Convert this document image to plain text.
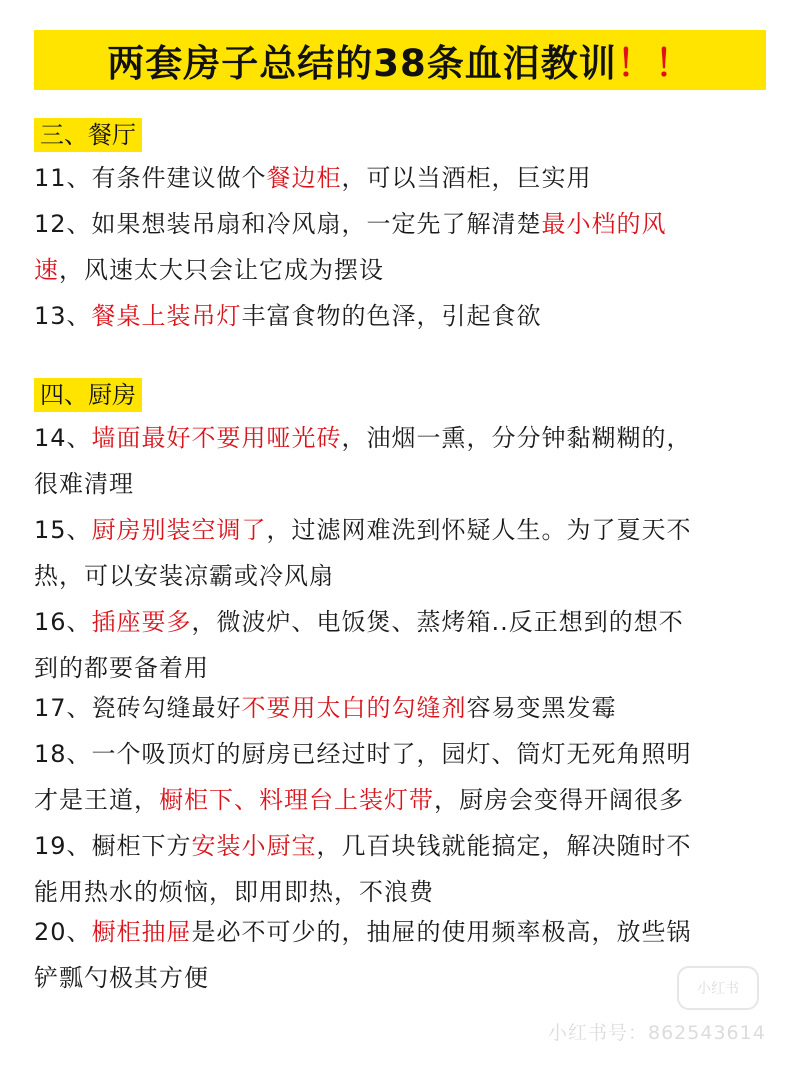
两套房子总结的38条血泪教训 ！！
三、餐厅
11、有条件建议做个餐边柜，可以当酒柜，巨实用
12、如果想装吊扇和冷风扇，一定先了解清楚最小档的风
速，风速太大只会让它成为摆设
13、餐桌上装吊灯丰富食物的色泽，引起食欲
四、厨房
14、墙面最好不要用哑光砖，油烟一熏，分分钟黏糊糊的，
很难清理
15、厨房别装空调了，过滤网难洗到怀疑人生。为了夏天不
热，可以安装凉霸或冷风扇
16、插座要多，微波炉、电饭煲、蒸烤箱..反正想到的想不
到的都要备着用
17、瓷砖勾缝最好不要用太白的勾缝剂容易变黑发霉
18、一个吸顶灯的厨房已经过时了，园灯、筒灯无死角照明
才是王道，橱柜下、料理台上装灯带，厨房会变得开阔很多
19、橱柜下方安装小厨宝，几百块钱就能搞定，解决随时不
能用热水的烦恼，即用即热，不浪费
20、橱柜抽屉是必不可少的，抽屉的使用频率极高，放些锅
铲瓢勺极其方便	小红书
小红书号：862543614
